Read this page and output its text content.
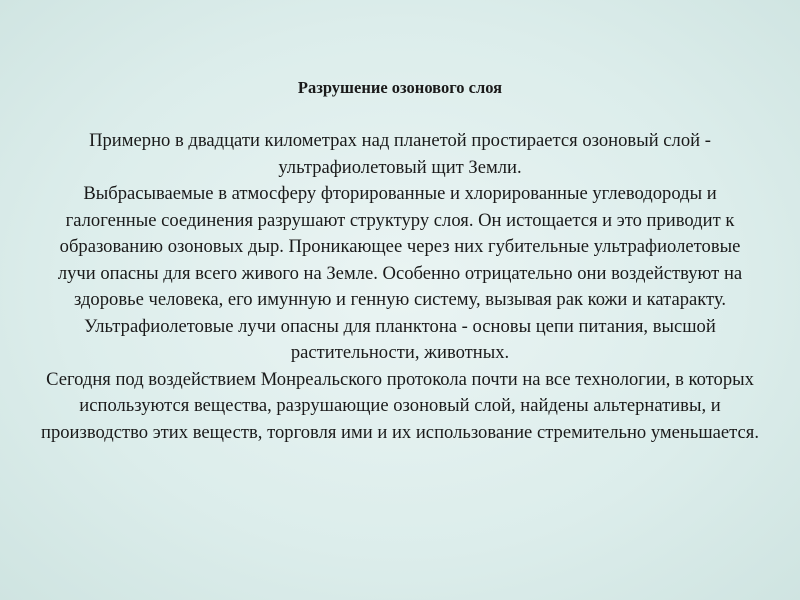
Разрушение озонового слоя

Примерно в двадцати километрах над планетой простирается озоновый слой - ультрафиолетовый щит Земли.

Выбрасываемые в атмосферу фторированные и хлорированные углеводороды и галогенные соединения разрушают структуру слоя. Он истощается и это приводит к образованию озоновых дыр. Проникающее через них губительные ультрафиолетовые лучи опасны для всего живого на Земле. Особенно отрицательно они воздействуют на здоровье человека, его имунную и генную систему, вызывая рак кожи и катаракту. Ультрафиолетовые лучи опасны для планктона - основы цепи питания, высшой растительности, животных.

Сегодня под воздействием Монреальского протокола почти на все технологии, в которых используются вещества, разрушающие озоновый слой, найдены альтернативы, и производство этих веществ, торговля ими и их использование стремительно уменьшается.
